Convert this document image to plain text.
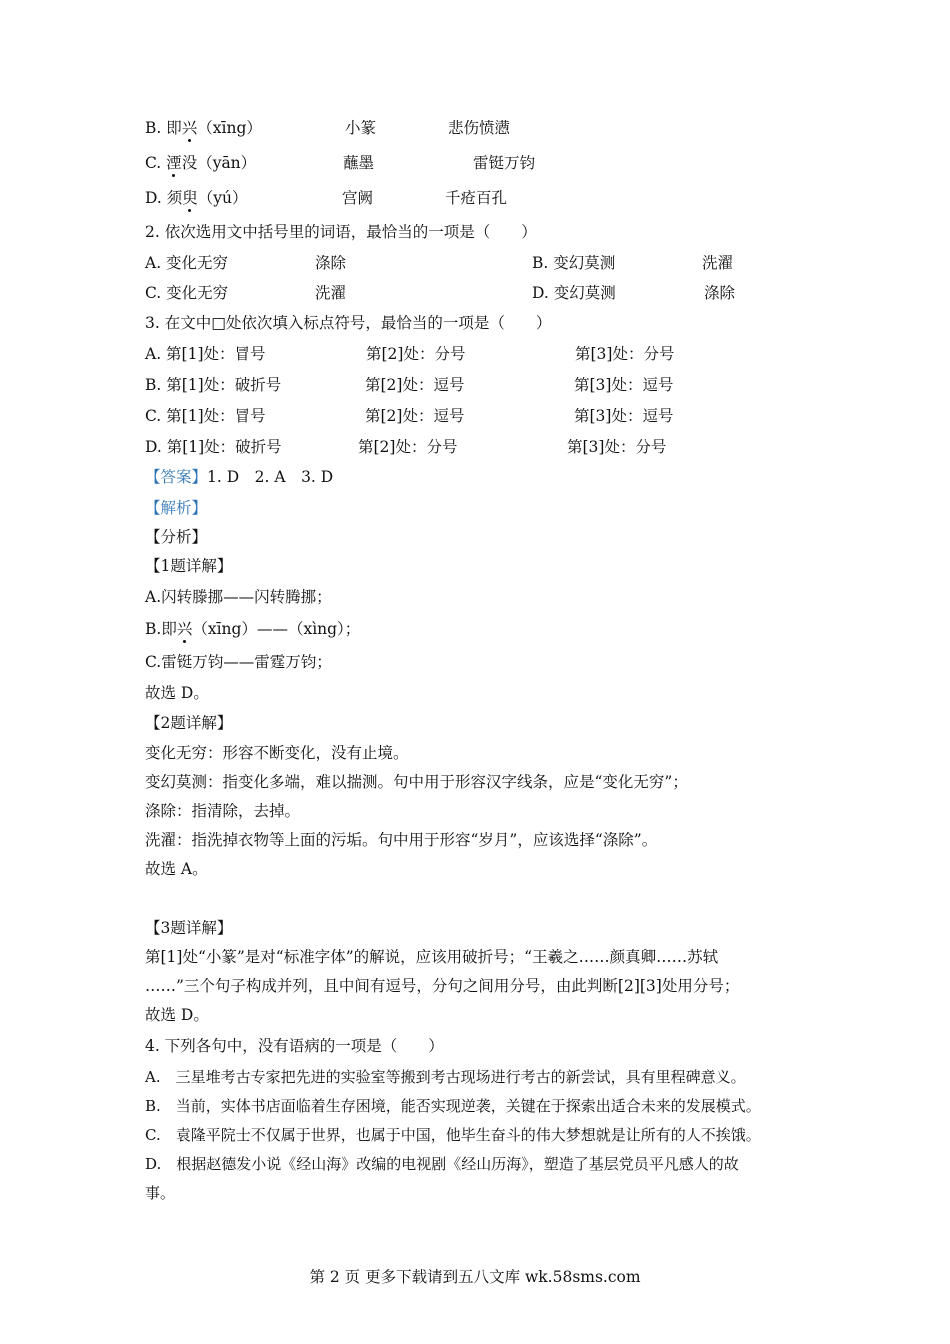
B. 即兴（xīng）	小篆	悲伤愤懑
C. 湮没（yān）	蘸墨	雷铤万钧
D. 须臾（yú）	宫阙	千疮百孔
2. 依次选用文中括号里的词语，最恰当的一项是（　　）
A. 变化无穷	涤除	B. 变幻莫测	洗濯
C. 变化无穷	洗濯	D. 变幻莫测	涤除
3. 在文中□处依次填入标点符号，最恰当的一项是（　　）
A. 第[1]处：冒号	第[2]处：分号	第[3]处：分号
B. 第[1]处：破折号	第[2]处：逗号	第[3]处：逗号
C. 第[1]处：冒号	第[2]处：逗号	第[3]处：逗号
D. 第[1]处：破折号	第[2]处：分号	第[3]处：分号
【答案】1. D　2. A　3. D
【解析】
【分析】
【1题详解】
A.闪转滕挪——闪转腾挪；
B.即兴（xīng）——（xìng）；
C.雷铤万钧——雷霆万钧；
故选 D。
【2题详解】
变化无穷：形容不断变化，没有止境。
变幻莫测：指变化多端，难以揣测。句中用于形容汉字线条，应是“变化无穷”；
涤除：指清除，去掉。
洗濯：指洗掉衣物等上面的污垢。句中用于形容“岁月”，应该选择“涤除”。
故选 A。
【3题详解】
第[1]处“小篆”是对“标准字体”的解说，应该用破折号；“王羲之……颜真卿……苏轼
……”三个句子构成并列，且中间有逗号，分句之间用分号，由此判断[2][3]处用分号；
故选 D。
4. 下列各句中，没有语病的一项是（　　）
A.　三星堆考古专家把先进的实验室等搬到考古现场进行考古的新尝试，具有里程碑意义。
B.　当前，实体书店面临着生存困境，能否实现逆袭，关键在于探索出适合未来的发展模式。
C.　袁隆平院士不仅属于世界，也属于中国，他毕生奋斗的伟大梦想就是让所有的人不挨饿。
D.　根据赵德发小说《经山海》改编的电视剧《经山历海》，塑造了基层党员平凡感人的故
事。
第 2 页 更多下载请到五八文库 wk.58sms.com
